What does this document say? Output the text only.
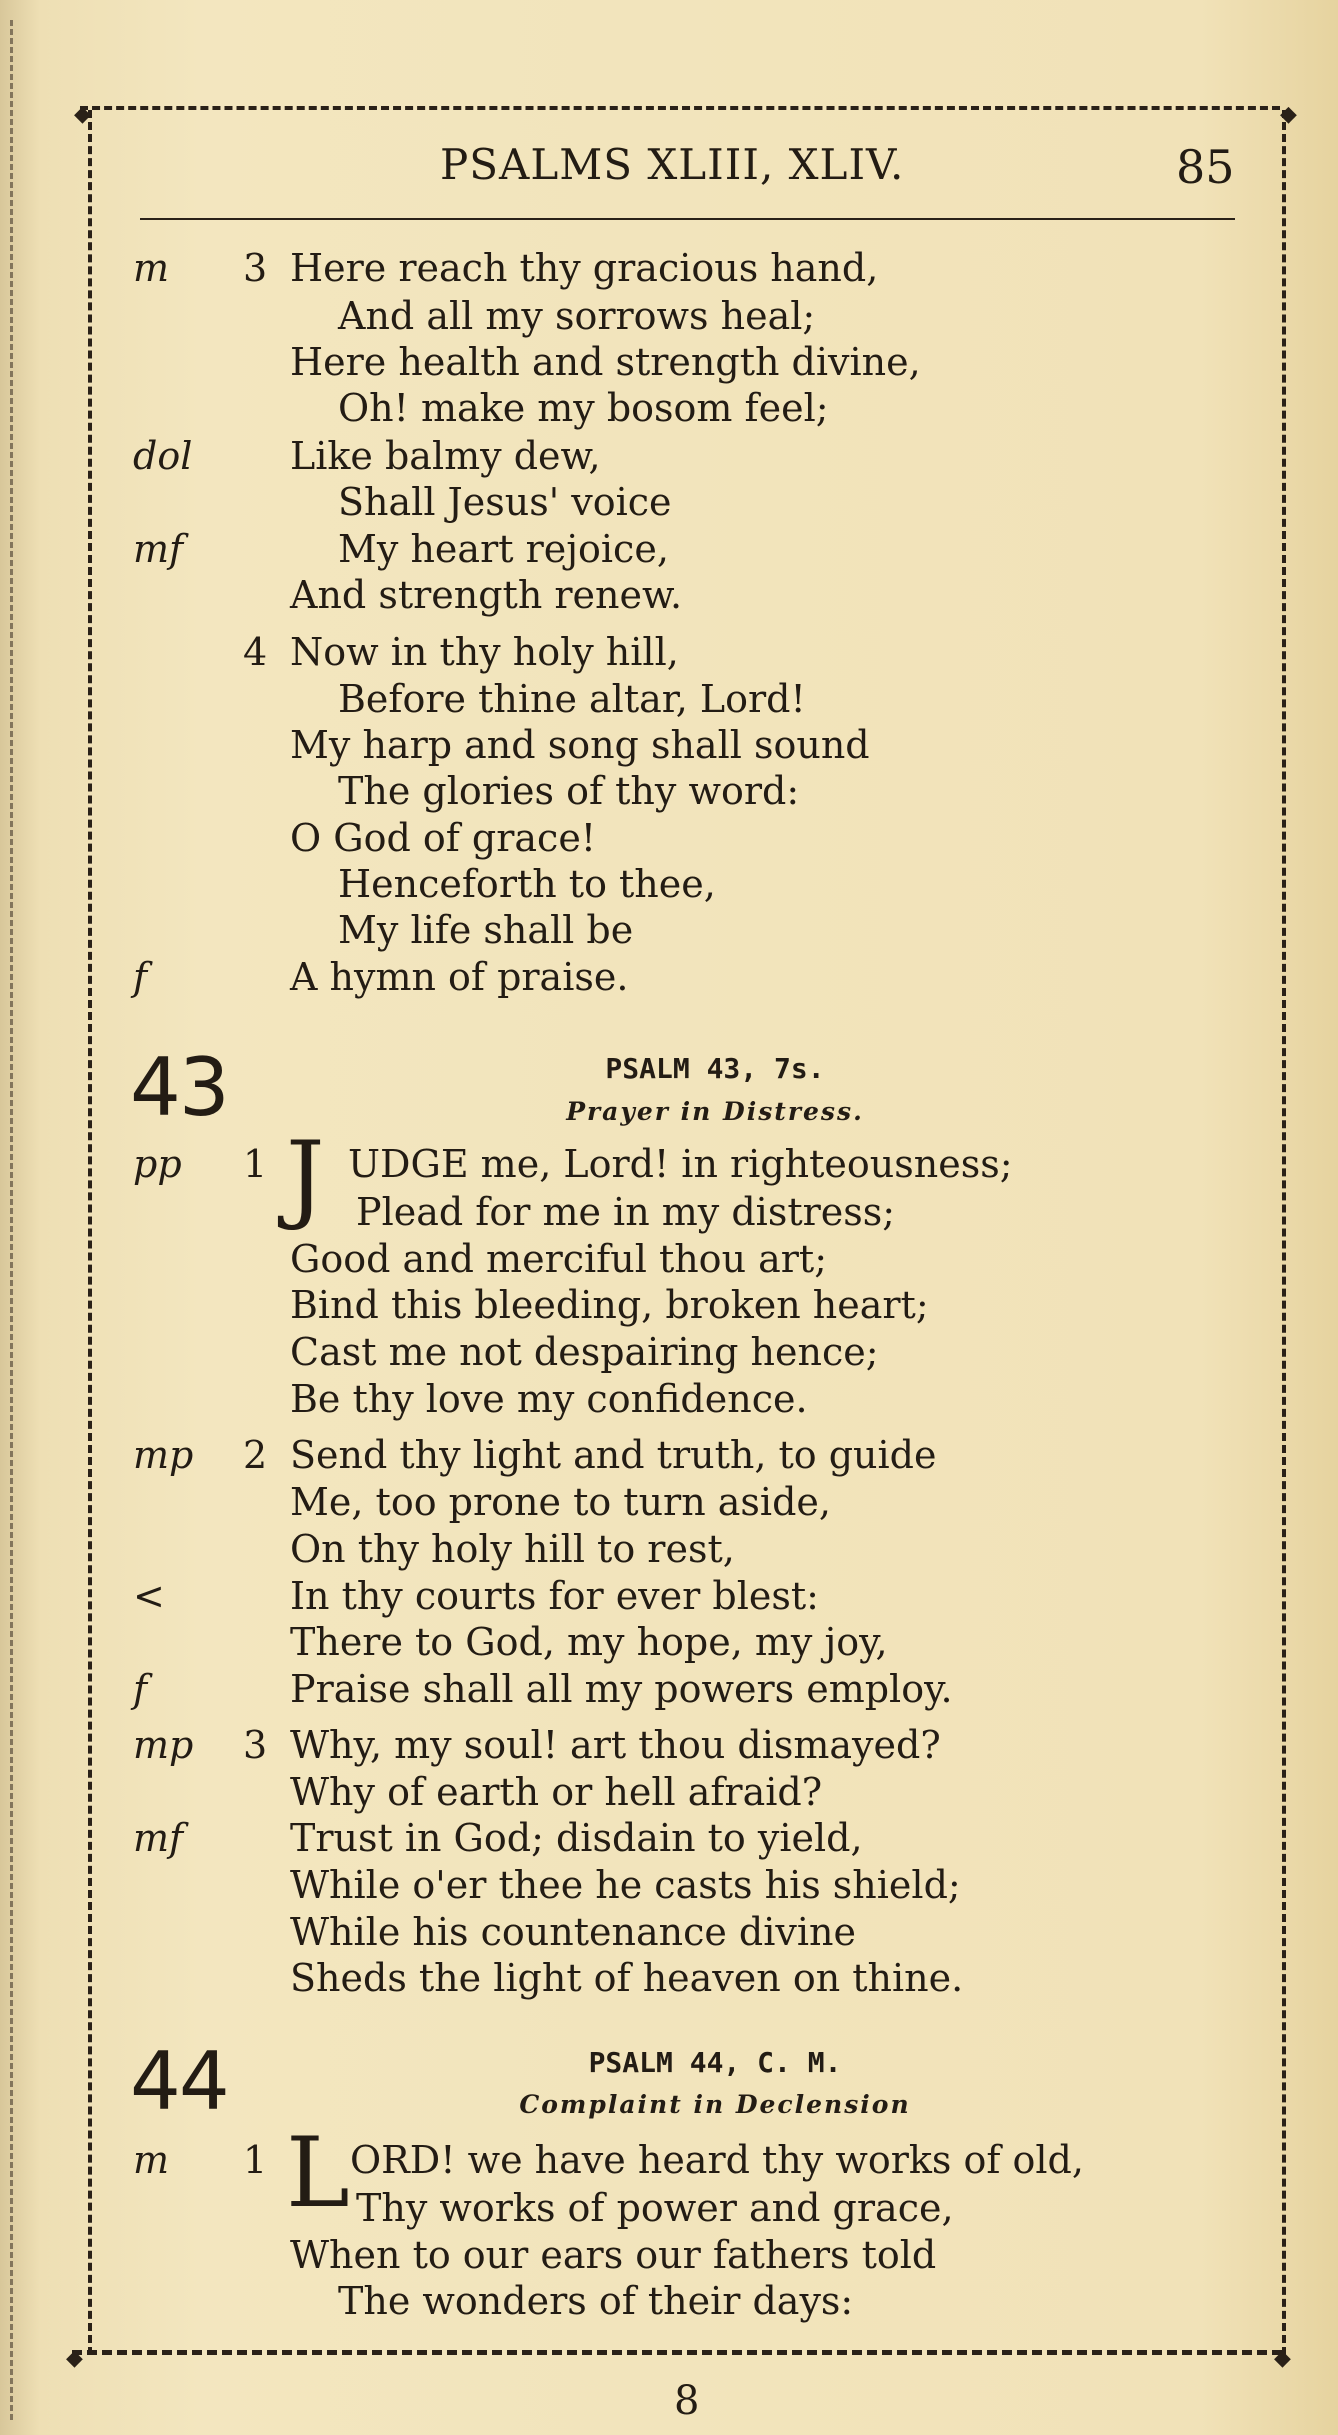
◆	◆
◆	◆
PSALMS XLIII, XLIV.	85
3
m	Here reach thy gracious hand,
And all my sorrows heal;
Here health and strength divine,
Oh! make my bosom feel;
dol	Like balmy dew,
Shall Jesus' voice
mf	My heart rejoice,
And strength renew.
4 Now in thy holy hill,
Before thine altar, Lord!
My harp and song shall sound
The glories of thy word:
O God of grace!
Henceforth to thee,
My life shall be
f	A hymn of praise.
43	PSALM 43, 7s.
Prayer in Distress.
1
pp J UDGE me, Lord! in righteousness;
Plead for me in my distress;
Good and merciful thou art;
Bind this bleeding, broken heart;
Cast me not despairing hence;
Be thy love my confidence.
2
mp	Send thy light and truth, to guide
Me, too prone to turn aside,
On thy holy hill to rest,
<	In thy courts for ever blest:
There to God, my hope, my joy,
f	Praise shall all my powers employ.
3
mp	Why, my soul! art thou dismayed?
Why of earth or hell afraid?
mf	Trust in God; disdain to yield,
While o'er thee he casts his shield;
While his countenance divine
Sheds the light of heaven on thine.
44	PSALM 44, C. M.
Complaint in Declension
1
m L ORD! we have heard thy works of old,
Thy works of power and grace,
When to our ears our fathers told
The wonders of their days:
8
